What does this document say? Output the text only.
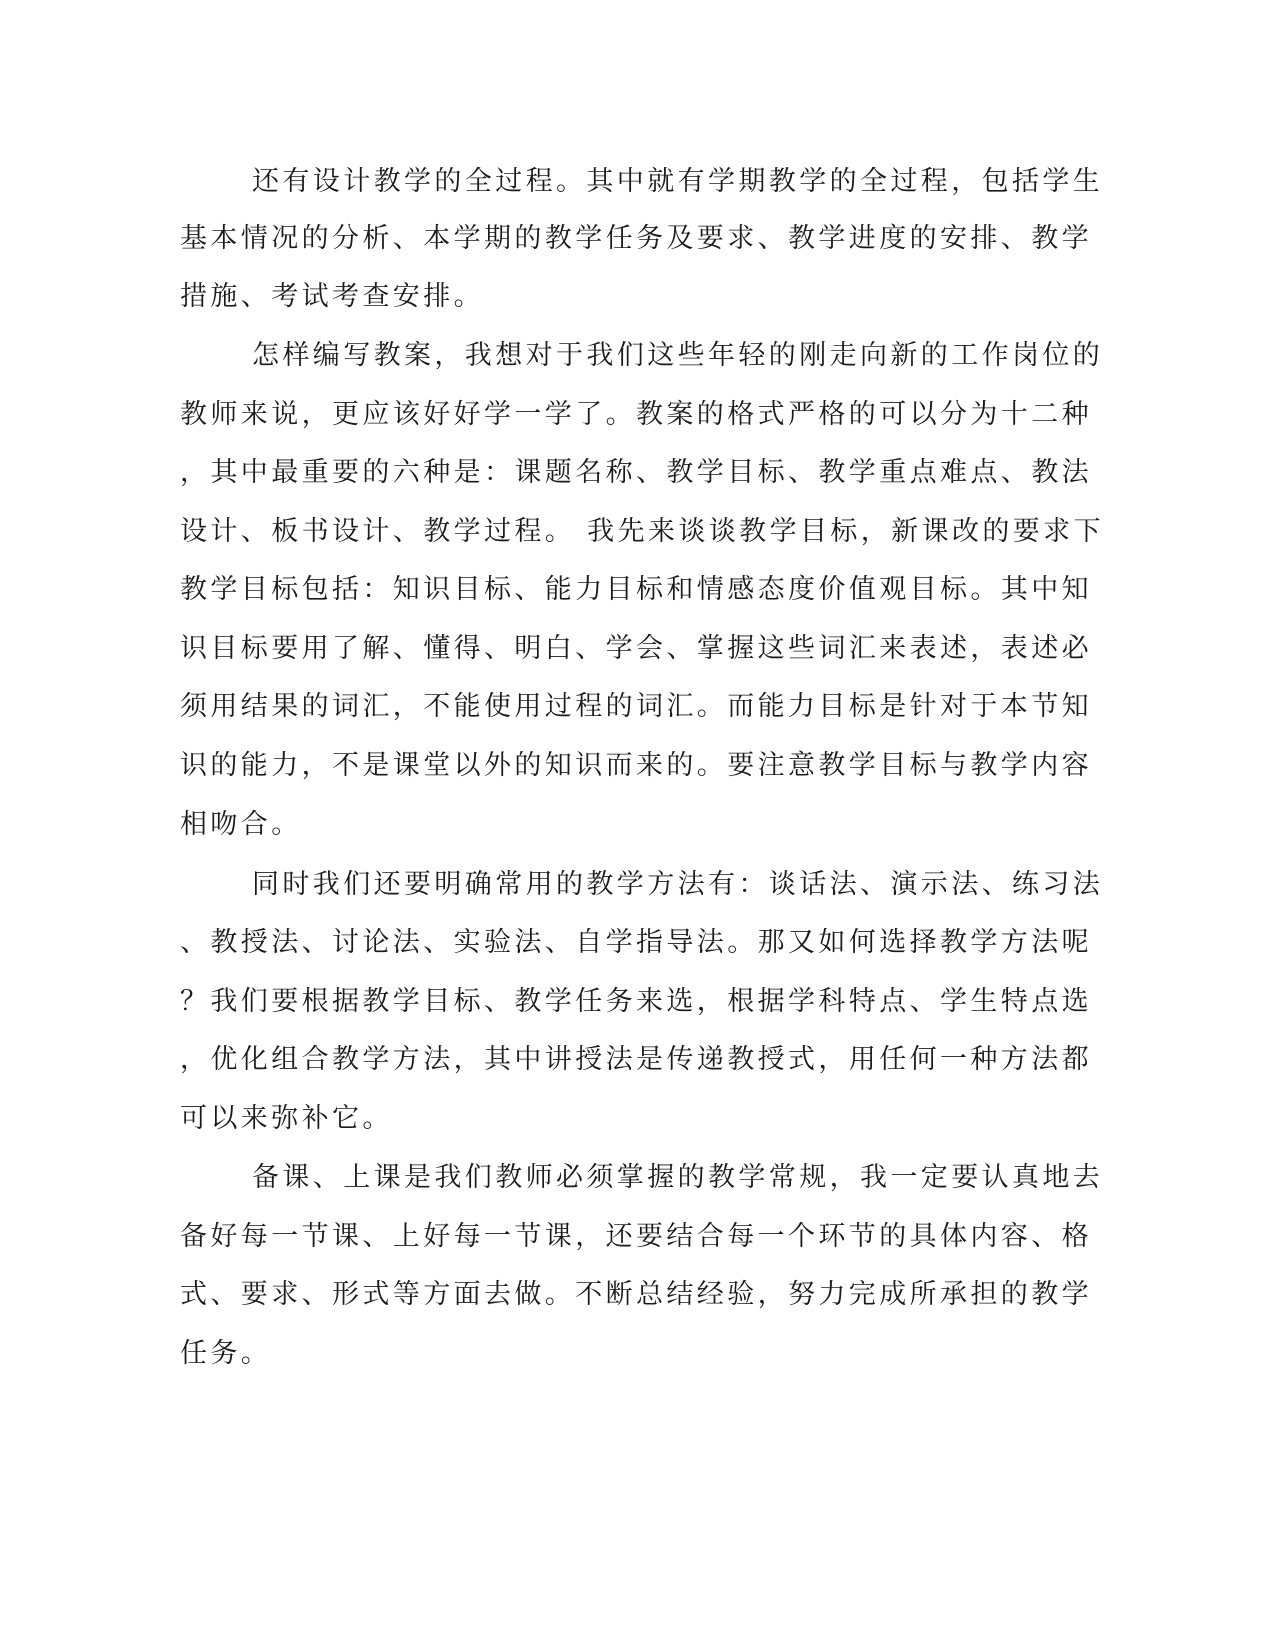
还有设计教学的全过程。其中就有学期教学的全过程，包括学生

基本情况的分析、本学期的教学任务及要求、教学进度的安排、教学

措施、考试考查安排。

怎样编写教案，我想对于我们这些年轻的刚走向新的工作岗位的

教师来说，更应该好好学一学了。教案的格式严格的可以分为十二种

，其中最重要的六种是：课题名称、教学目标、教学重点难点、教法

设计、板书设计、教学过程。 我先来谈谈教学目标，新课改的要求下

教学目标包括：知识目标、能力目标和情感态度价值观目标。其中知

识目标要用了解、懂得、明白、学会、掌握这些词汇来表述，表述必

须用结果的词汇，不能使用过程的词汇。而能力目标是针对于本节知

识的能力，不是课堂以外的知识而来的。要注意教学目标与教学内容

相吻合。

同时我们还要明确常用的教学方法有：谈话法、演示法、练习法

、教授法、讨论法、实验法、自学指导法。那又如何选择教学方法呢

？我们要根据教学目标、教学任务来选，根据学科特点、学生特点选

，优化组合教学方法，其中讲授法是传递教授式，用任何一种方法都

可以来弥补它。

备课、上课是我们教师必须掌握的教学常规，我一定要认真地去

备好每一节课、上好每一节课，还要结合每一个环节的具体内容、格

式、要求、形式等方面去做。不断总结经验，努力完成所承担的教学

任务。
